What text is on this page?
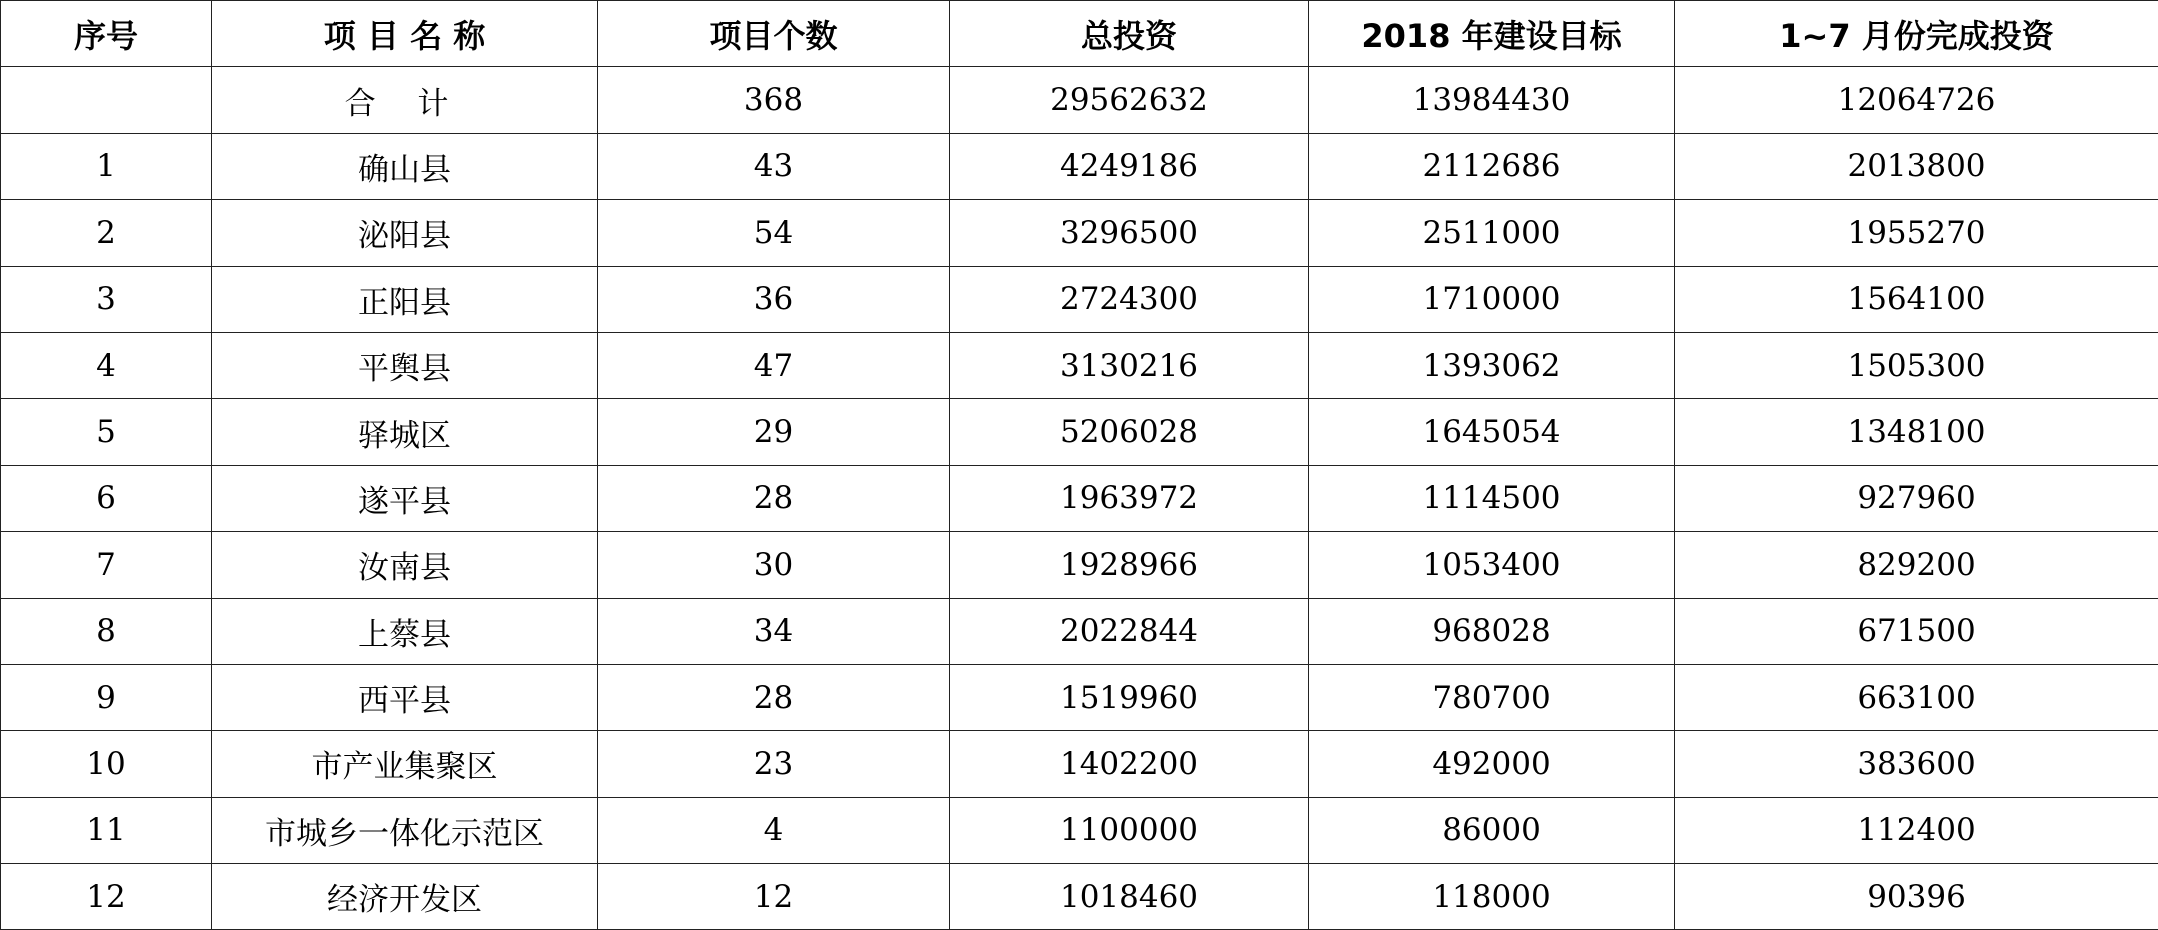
序号	项 目 名 称	项目个数	总投资	2018 年建设目标	1~7 月份完成投资
	合 计	368	29562632	13984430	12064726
1	确山县	43	4249186	2112686	2013800
2	泌阳县	54	3296500	2511000	1955270
3	正阳县	36	2724300	1710000	1564100
4	平舆县	47	3130216	1393062	1505300
5	驿城区	29	5206028	1645054	1348100
6	遂平县	28	1963972	1114500	927960
7	汝南县	30	1928966	1053400	829200
8	上蔡县	34	2022844	968028	671500
9	西平县	28	1519960	780700	663100
10	市产业集聚区	23	1402200	492000	383600
11	市城乡一体化示范区	4	1100000	86000	112400
12	经济开发区	12	1018460	118000	90396
